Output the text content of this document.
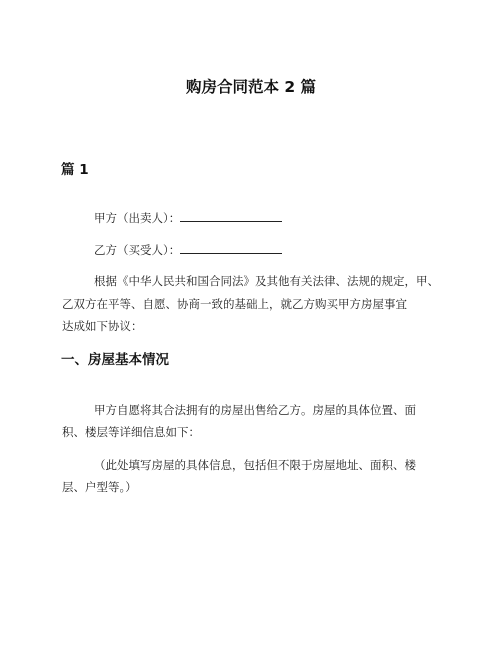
购房合同范本 2 篇
篇 1
甲方（出卖人）：
乙方（买受人）：
根据《中华人民共和国合同法》及其他有关法律、法规的规定，甲、
乙双方在平等、自愿、协商一致的基础上，就乙方购买甲方房屋事宜
达成如下协议：
一、房屋基本情况
甲方自愿将其合法拥有的房屋出售给乙方。房屋的具体位置、面
积、楼层等详细信息如下：
（此处填写房屋的具体信息，包括但不限于房屋地址、面积、楼
层、户型等。）
